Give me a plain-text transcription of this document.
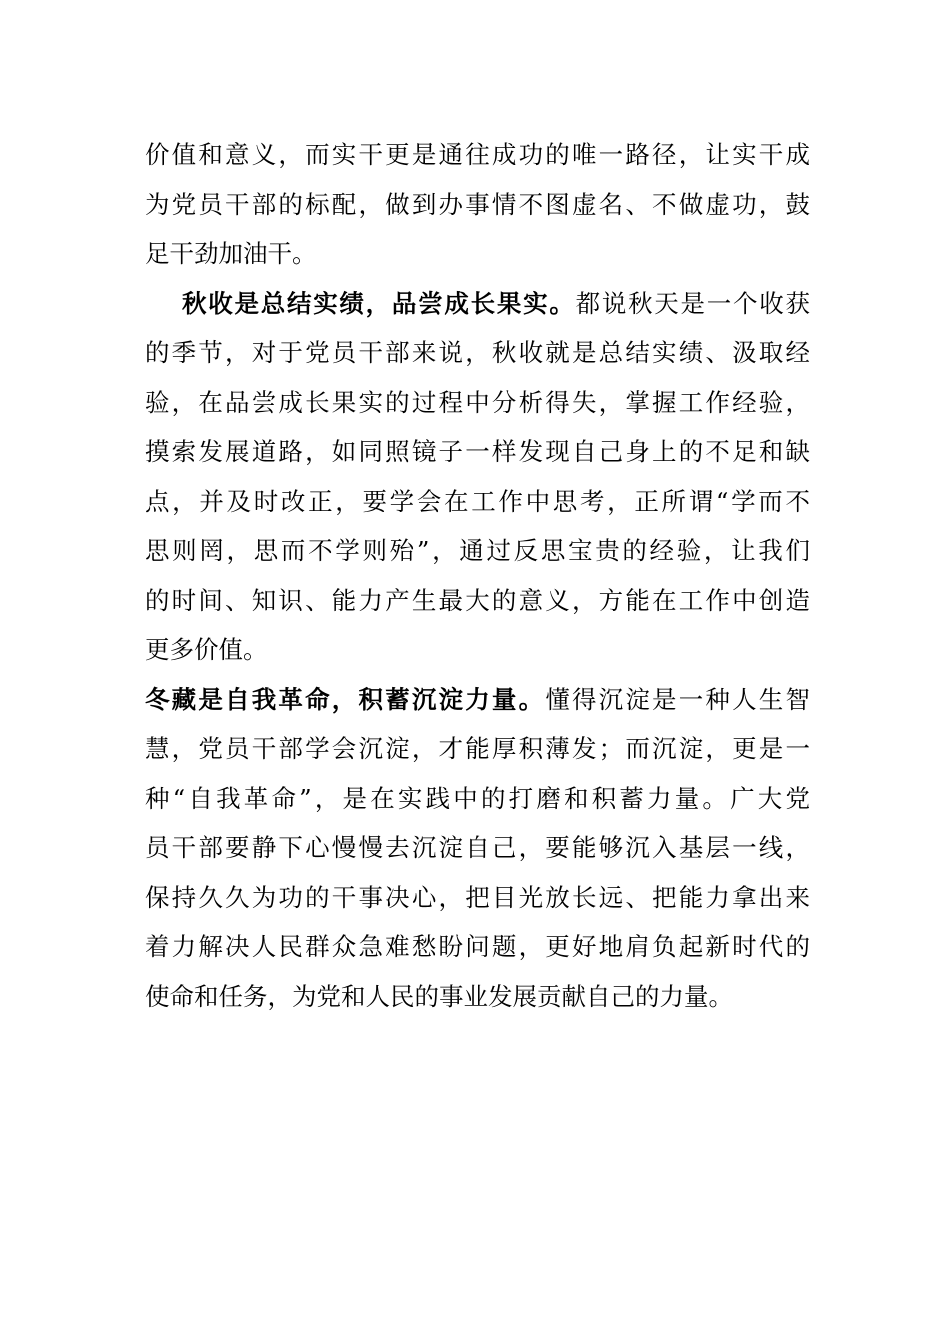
价值和意义，而实干更是通往成功的唯一路径，让实干成
为党员干部的标配，做到办事情不图虚名、不做虚功，鼓
足干劲加油干。
秋收是总结实绩，品尝成长果实。都说秋天是一个收获
的季节，对于党员干部来说，秋收就是总结实绩、汲取经
验，在品尝成长果实的过程中分析得失，掌握工作经验，
摸索发展道路，如同照镜子一样发现自己身上的不足和缺
点，并及时改正，要学会在工作中思考，正所谓“学而不
思则罔，思而不学则殆”，通过反思宝贵的经验，让我们
的时间、知识、能力产生最大的意义，方能在工作中创造
更多价值。
冬藏是自我革命，积蓄沉淀力量。懂得沉淀是一种人生智
慧，党员干部学会沉淀，才能厚积薄发；而沉淀，更是一
种“自我革命”，是在实践中的打磨和积蓄力量。广大党
员干部要静下心慢慢去沉淀自己，要能够沉入基层一线，
保持久久为功的干事决心，把目光放长远、把能力拿出来
着力解决人民群众急难愁盼问题，更好地肩负起新时代的
使命和任务，为党和人民的事业发展贡献自己的力量。
